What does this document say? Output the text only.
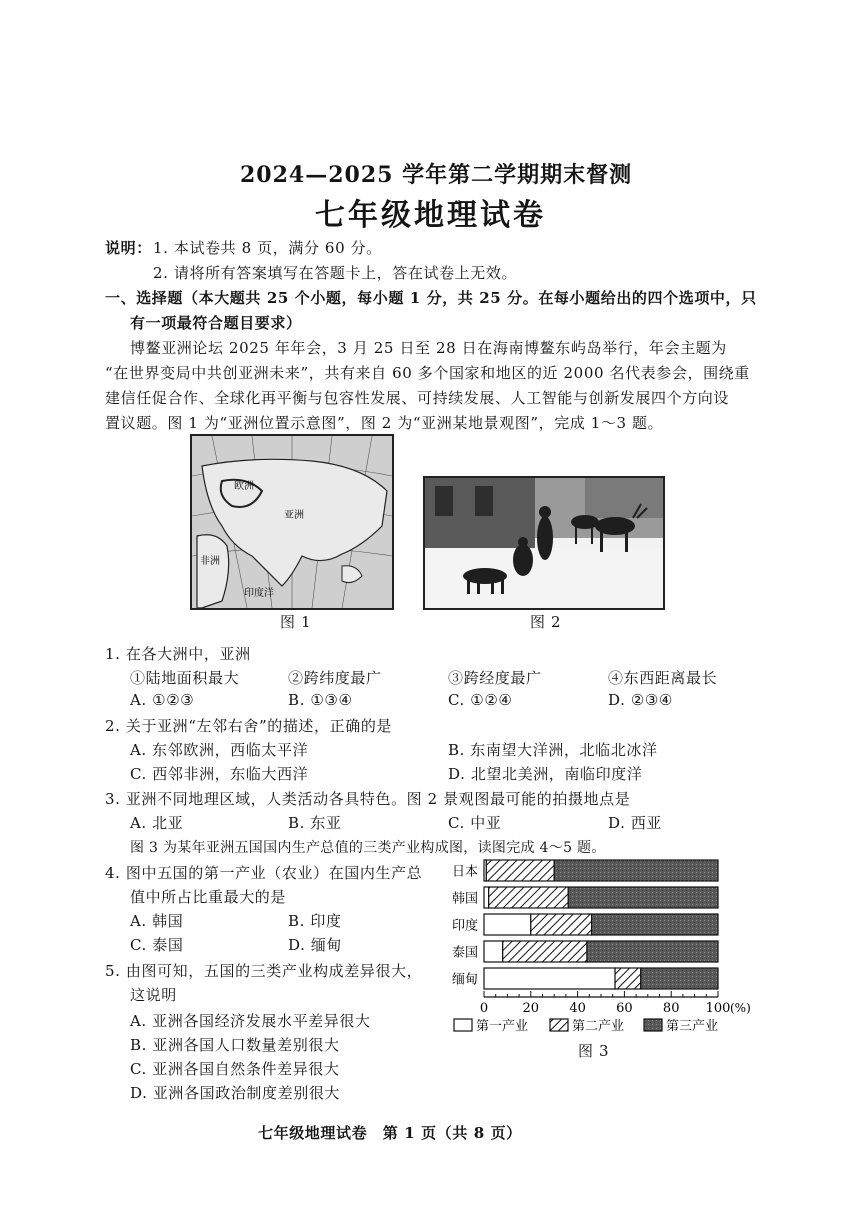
2024—2025 学年第二学期期末督测
七年级地理试卷
说明： 1. 本试卷共 8 页，满分 60 分。
2. 请将所有答案填写在答题卡上，答在试卷上无效。
一、选择题（本大题共 25 个小题，每小题 1 分，共 25 分。在每小题给出的四个选项中，只
有一项最符合题目要求）
博鳌亚洲论坛 2025 年年会，3 月 25 日至 28 日在海南博鳌东屿岛举行，年会主题为
“在世界变局中共创亚洲未来”，共有来自 60 多个国家和地区的近 2000 名代表参会，围绕重
建信任促合作、全球化再平衡与包容性发展、可持续发展、人工智能与创新发展四个方向设
置议题。图 1 为“亚洲位置示意图”，图 2 为“亚洲某地景观图”，完成 1～3 题。
欧洲
亚洲
非洲
印度洋
图 1	图 2
1. 在各大洲中，亚洲
①陆地面积最大	②跨纬度最广	③跨经度最广	④东西距离最长
A. ①②③	B. ①③④	C. ①②④	D. ②③④
2. 关于亚洲“左邻右舍”的描述，正确的是
A. 东邻欧洲，西临太平洋	B. 东南望大洋洲，北临北冰洋
C. 西邻非洲，东临大西洋	D. 北望北美洲，南临印度洋
3. 亚洲不同地理区域，人类活动各具特色。图 2 景观图最可能的拍摄地点是
A. 北亚	B. 东亚	C. 中亚	D. 西亚
图 3 为某年亚洲五国国内生产总值的三类产业构成图，读图完成 4～5 题。
4. 图中五国的第一产业（农业）在国内生产总
值中所占比重最大的是
A. 韩国	B. 印度
C. 泰国	D. 缅甸
5. 由图可知，五国的三类产业构成差异很大，
这说明
A. 亚洲各国经济发展水平差异很大
B. 亚洲各国人口数量差别很大
C. 亚洲各国自然条件差异很大
D. 亚洲各国政治制度差别很大
日本
韩国
印度
泰国
缅甸
0	20 40 60 80 100 (%)
第一产业	第二产业	第三产业
图 3
七年级地理试卷　第 1 页（共 8 页）
